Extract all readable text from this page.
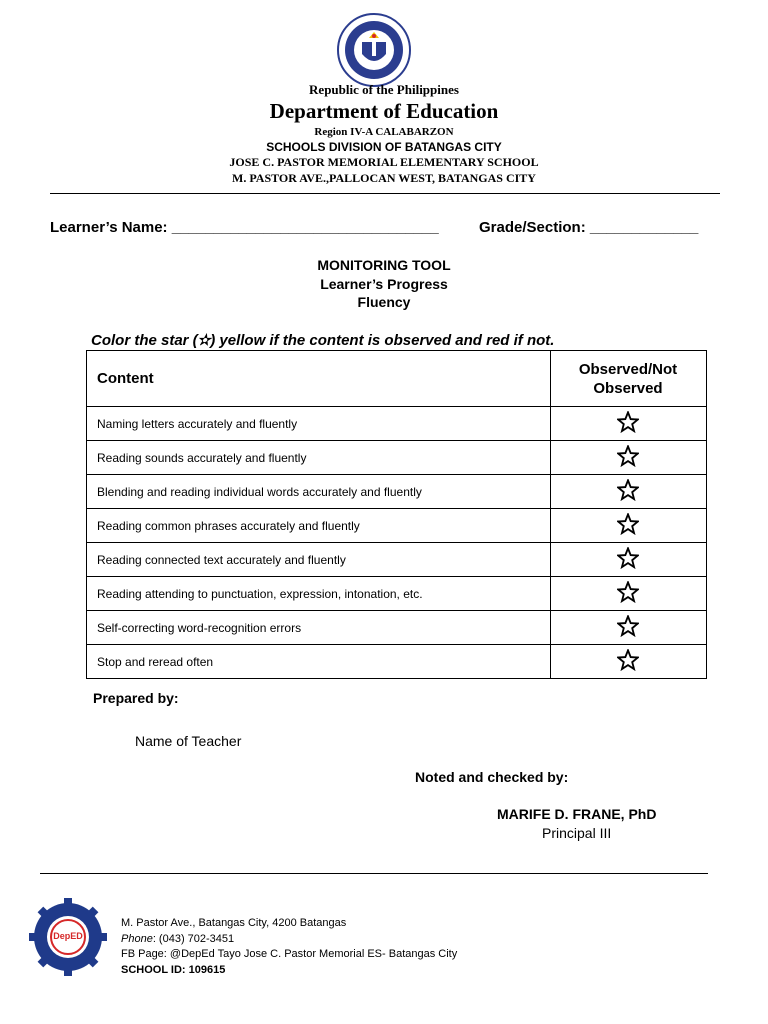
Republic of the Philippines
Department of Education
Region IV-A CALABARZON
SCHOOLS DIVISION OF BATANGAS CITY
JOSE C. PASTOR MEMORIAL ELEMENTARY SCHOOL
M. PASTOR AVE.,PALLOCAN WEST, BATANGAS CITY
Learner’s Name: ________________________________	Grade/Section: _____________
MONITORING TOOL
Learner’s Progress
Fluency
Color the star (✫) yellow if the content is observed and red if not.
Content	Observed/Not Observed
Naming letters accurately and fluently	
Reading sounds accurately and fluently	
Blending and reading individual words accurately and fluently	
Reading common phrases accurately and fluently	
Reading connected text accurately and fluently	
Reading attending to punctuation, expression, intonation, etc.	
Self-correcting word-recognition errors	
Stop and reread often	
Prepared by:
Name of Teacher
Noted and checked by:
MARIFE D. FRANE, PhD
Principal III
DepED
M. Pastor Ave., Batangas City, 4200 Batangas
Phone: (043) 702-3451
FB Page: @DepEd Tayo Jose C. Pastor Memorial ES- Batangas City
SCHOOL ID: 109615
